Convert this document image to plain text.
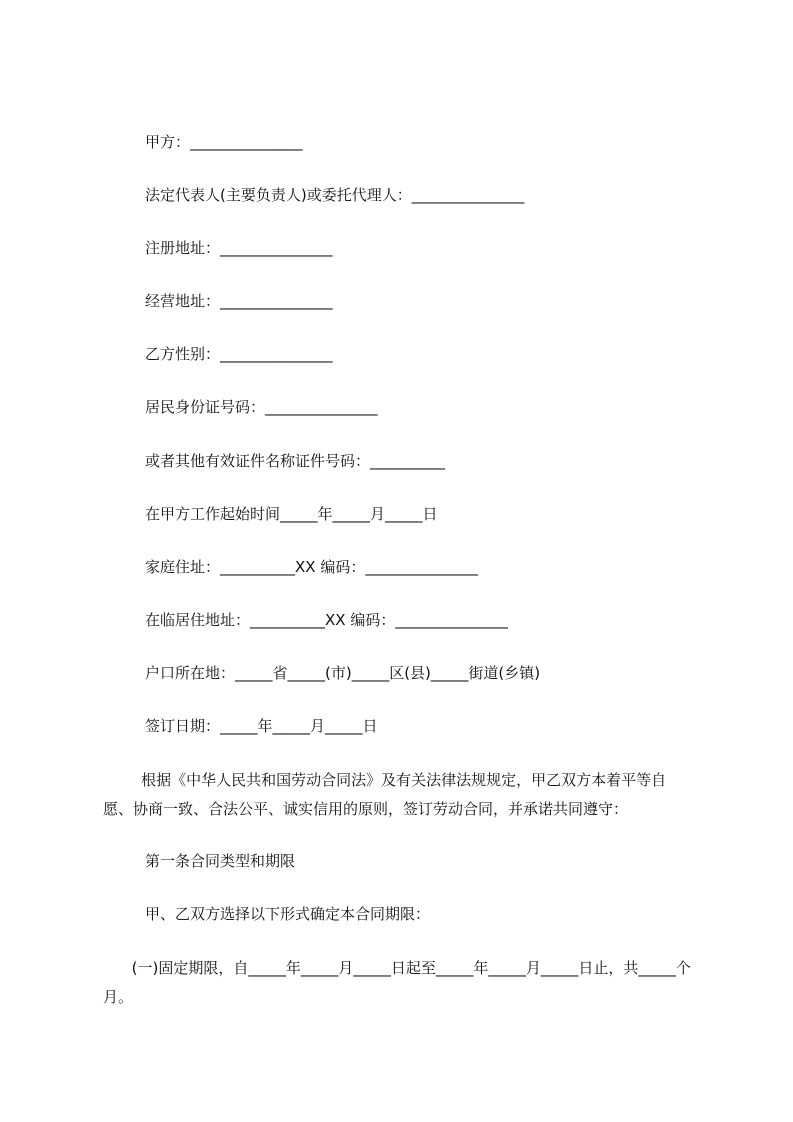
甲方：_______________
法定代表人(主要负责人)或委托代理人：_______________
注册地址：_______________
经营地址：_______________
乙方性别：_______________
居民身份证号码：_______________
或者其他有效证件名称证件号码：__________
在甲方工作起始时间_____年_____月_____日
家庭住址：__________XX 编码：_______________
在临居住地址：__________XX 编码：_______________
户口所在地：_____省_____(市)_____区(县)_____街道(乡镇)
签订日期：_____年_____月_____日
根据《中华人民共和国劳动合同法》及有关法律法规规定，甲乙双方本着平等自愿、协商一致、合法公平、诚实信用的原则，签订劳动合同，并承诺共同遵守：
第一条合同类型和期限
甲、乙双方选择以下形式确定本合同期限：
(一)固定期限，自_____年_____月_____日起至_____年_____月_____日止，共_____个月。
